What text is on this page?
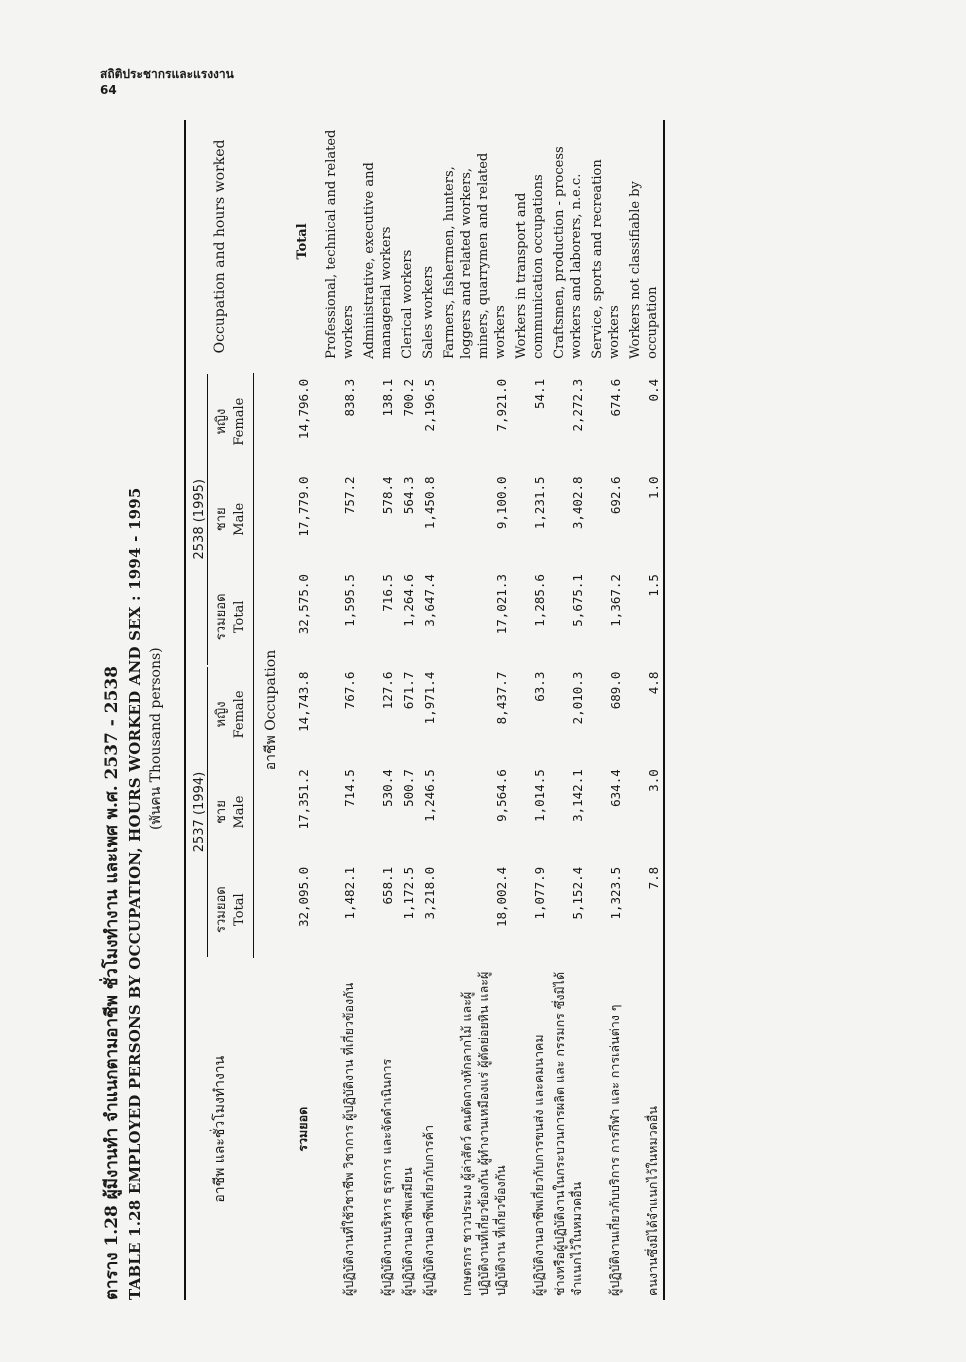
สถิติประชากรและแรงงาน
64
ตาราง 1.28 ผู้มีงานทำ จำแนกตามอาชีพ ชั่วโมงทำงาน และเพศ พ.ศ. 2537 - 2538 TABLE 1.28 EMPLOYED PERSONS BY OCCUPATION, HOURS WORKED AND SEX : 1994 - 1995 (พันคน Thousand persons)
อาชีพ และชั่วโมงทำงาน	2537 (1994)			2538 (1995)			Occupation and hours worked
	รวมยอด Total	ชาย Male	หญิง Female	รวมยอด Total	ชาย Male	หญิง Female	
อาชีพ Occupation							
รวมยอด	32,095.0	17,351.2	14,743.8	32,575.0	17,779.0	14,796.0	Total
ผู้ปฏิบัติงานที่ใช้วิชาชีพ วิชาการ ผู้ปฏิบัติงาน ที่เกี่ยวข้องกัน	1,482.1	714.5	767.6	1,595.5	757.2	838.3	Professional, technical and related workers
ผู้ปฏิบัติงานบริหาร ธุรการ และจัดดำเนินการ	658.1	530.4	127.6	716.5	578.4	138.1	Administrative, executive and managerial workers
ผู้ปฏิบัติงานอาชีพเสมียน	1,172.5	500.7	671.7	1,264.6	564.3	700.2	Clerical workers
ผู้ปฏิบัติงานอาชีพเกี่ยวกับการค้า	3,218.0	1,246.5	1,971.4	3,647.4	1,450.8	2,196.5	Sales workers
เกษตรกร ชาวประมง ผู้ล่าสัตว์ คนตัดถางหักลากไม้ และผู้ปฏิบัติงานที่เกี่ยวข้องกัน ผู้ทำงานเหมืองแร่ ผู้ตัดย่อยหิน และผู้ปฏิบัติงาน ที่เกี่ยวข้องกัน	18,002.4	9,564.6	8,437.7	17,021.3	9,100.0	7,921.0	Farmers, fishermen, hunters, loggers and related workers, miners, quarrymen and related workers
ผู้ปฏิบัติงานอาชีพเกี่ยวกับการขนส่ง และคมนาคม	1,077.9	1,014.5	63.3	1,285.6	1,231.5	54.1	Workers in transport and communication occupations
ช่างหรือผู้ปฏิบัติงานในกระบวนการผลิต และ กรรมกร ซึ่งมิได้จำแนกไว้ในหมวดอื่น	5,152.4	3,142.1	2,010.3	5,675.1	3,402.8	2,272.3	Craftsmen, production - process workers and laborers, n.e.c.
ผู้ปฏิบัติงานเกี่ยวกับบริการ การกีฬา และ การเล่นต่าง ๆ	1,323.5	634.4	689.0	1,367.2	692.6	674.6	Service, sports and recreation workers
คนงานซึ่งมิได้จำแนกไว้ในหมวดอื่น	7.8	3.0	4.8	1.5	1.0	0.4	Workers not classifiable by occupation
